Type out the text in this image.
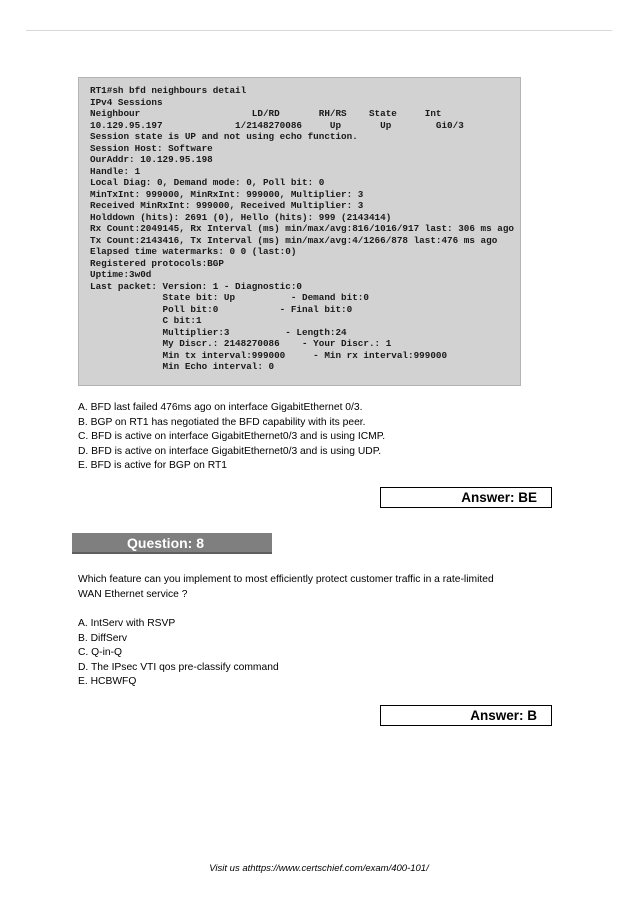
RT1#sh bfd neighbours detail
IPv4 Sessions
Neighbour                    LD/RD       RH/RS    State     Int
10.129.95.197             1/2148270086     Up       Up        Gi0/3
Session state is UP and not using echo function.
Session Host: Software
OurAddr: 10.129.95.198
Handle: 1
Local Diag: 0, Demand mode: 0, Poll bit: 0
MinTxInt: 999000, MinRxInt: 999000, Multiplier: 3
Received MinRxInt: 999000, Received Multiplier: 3
Holddown (hits): 2691 (0), Hello (hits): 999 (2143414)
Rx Count:2049145, Rx Interval (ms) min/max/avg:816/1016/917 last: 306 ms ago
Tx Count:2143416, Tx Interval (ms) min/max/avg:4/1266/878 last:476 ms ago
Elapsed time watermarks: 0 0 (last:0)
Registered protocols:BGP
Uptime:3w0d
Last packet: Version: 1 - Diagnostic:0
State bit: Up          - Demand bit:0
Poll bit:0           - Final bit:0
C bit:1
Multiplier:3          - Length:24
My Discr.: 2148270086    - Your Discr.: 1
Min tx interval:999000     - Min rx interval:999000
Min Echo interval: 0
A. BFD last failed 476ms ago on interface GigabitEthernet 0/3.
B. BGP on RT1 has negotiated the BFD capability with its peer.
C. BFD is active on interface GigabitEthernet0/3 and is using ICMP.
D. BFD is active on interface GigabitEthernet0/3 and is using UDP.
E. BFD is active for BGP on RT1
Answer: BE
Question: 8
Which feature can you implement to most efficiently protect customer traffic in a rate-limited
WAN Ethernet service ?
A. IntServ with RSVP
B. DiffServ
C. Q-in-Q
D. The IPsec VTI qos pre-classify command
E. HCBWFQ
Answer: B
Visit us athttps://www.certschief.com/exam/400-101/
